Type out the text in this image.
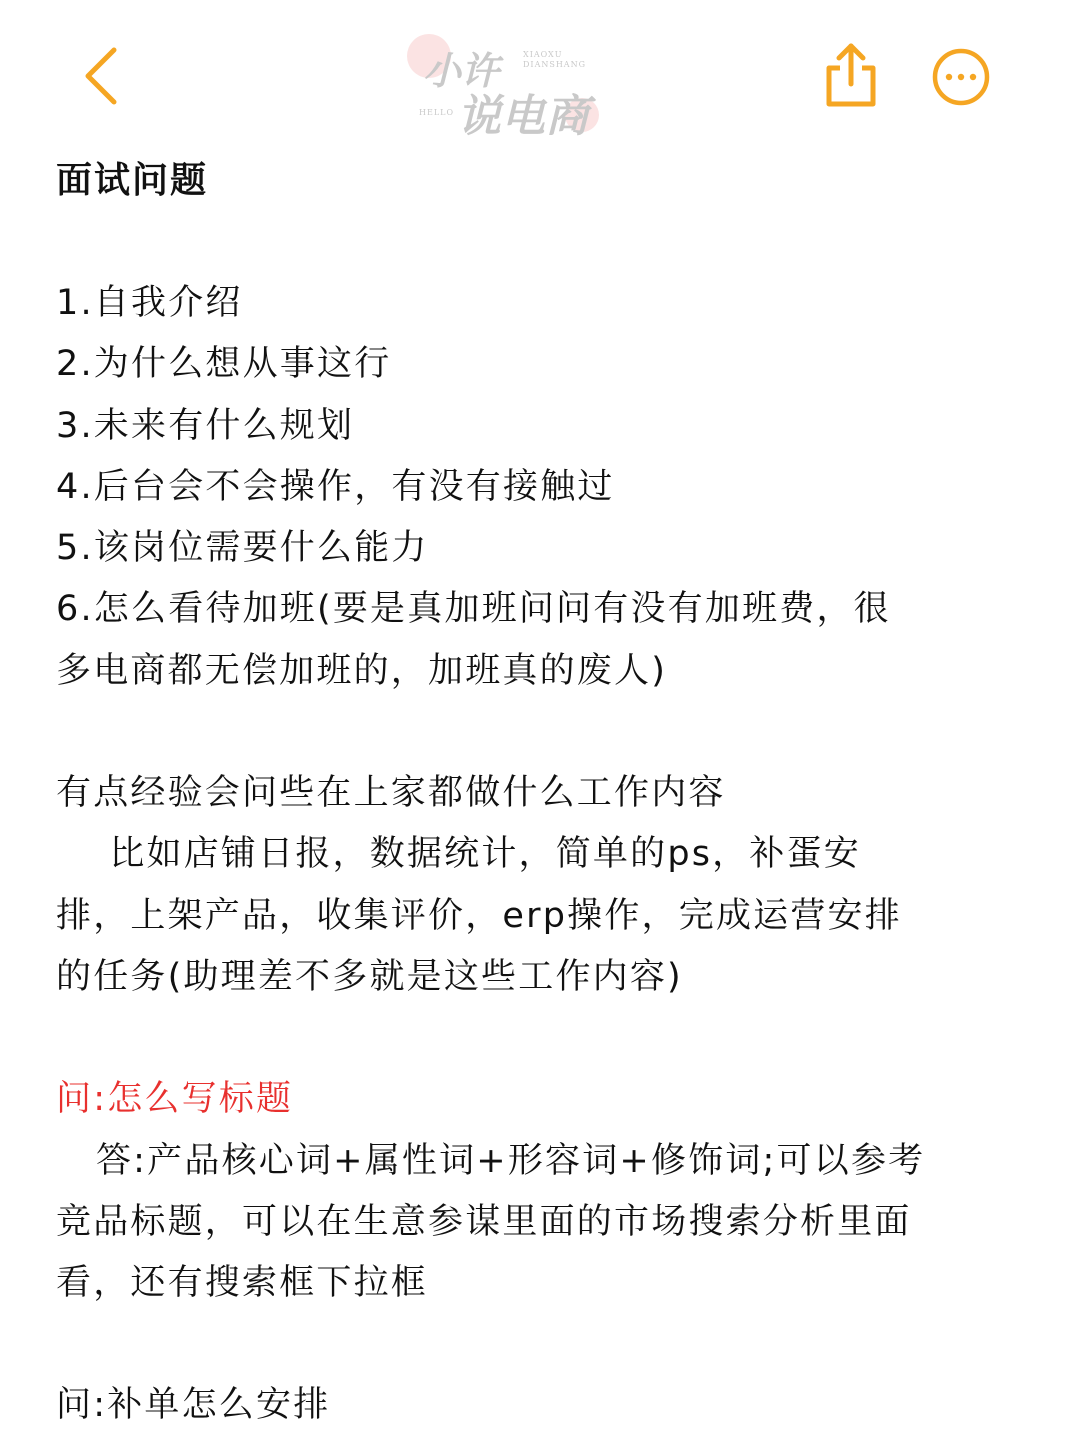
小许	XIAOXU
DIANSHANG
HELLO 说电商

面试问题

1.自我介绍

2.为什么想从事这行

3.未来有什么规划

4.后台会不会操作，有没有接触过

5.该岗位需要什么能力

6.怎么看待加班(要是真加班问问有没有加班费，很
多电商都无偿加班的，加班真的废人)

有点经验会问些在上家都做什么工作内容
比如店铺日报，数据统计，简单的ps，补蛋安
排，上架产品，收集评价，erp操作，完成运营安排
的任务(助理差不多就是这些工作内容)

问:怎么写标题

答:产品核心词+属性词+形容词+修饰词;可以参考
竞品标题，可以在生意参谋里面的市场搜索分析里面
看，还有搜索框下拉框

问:补单怎么安排
